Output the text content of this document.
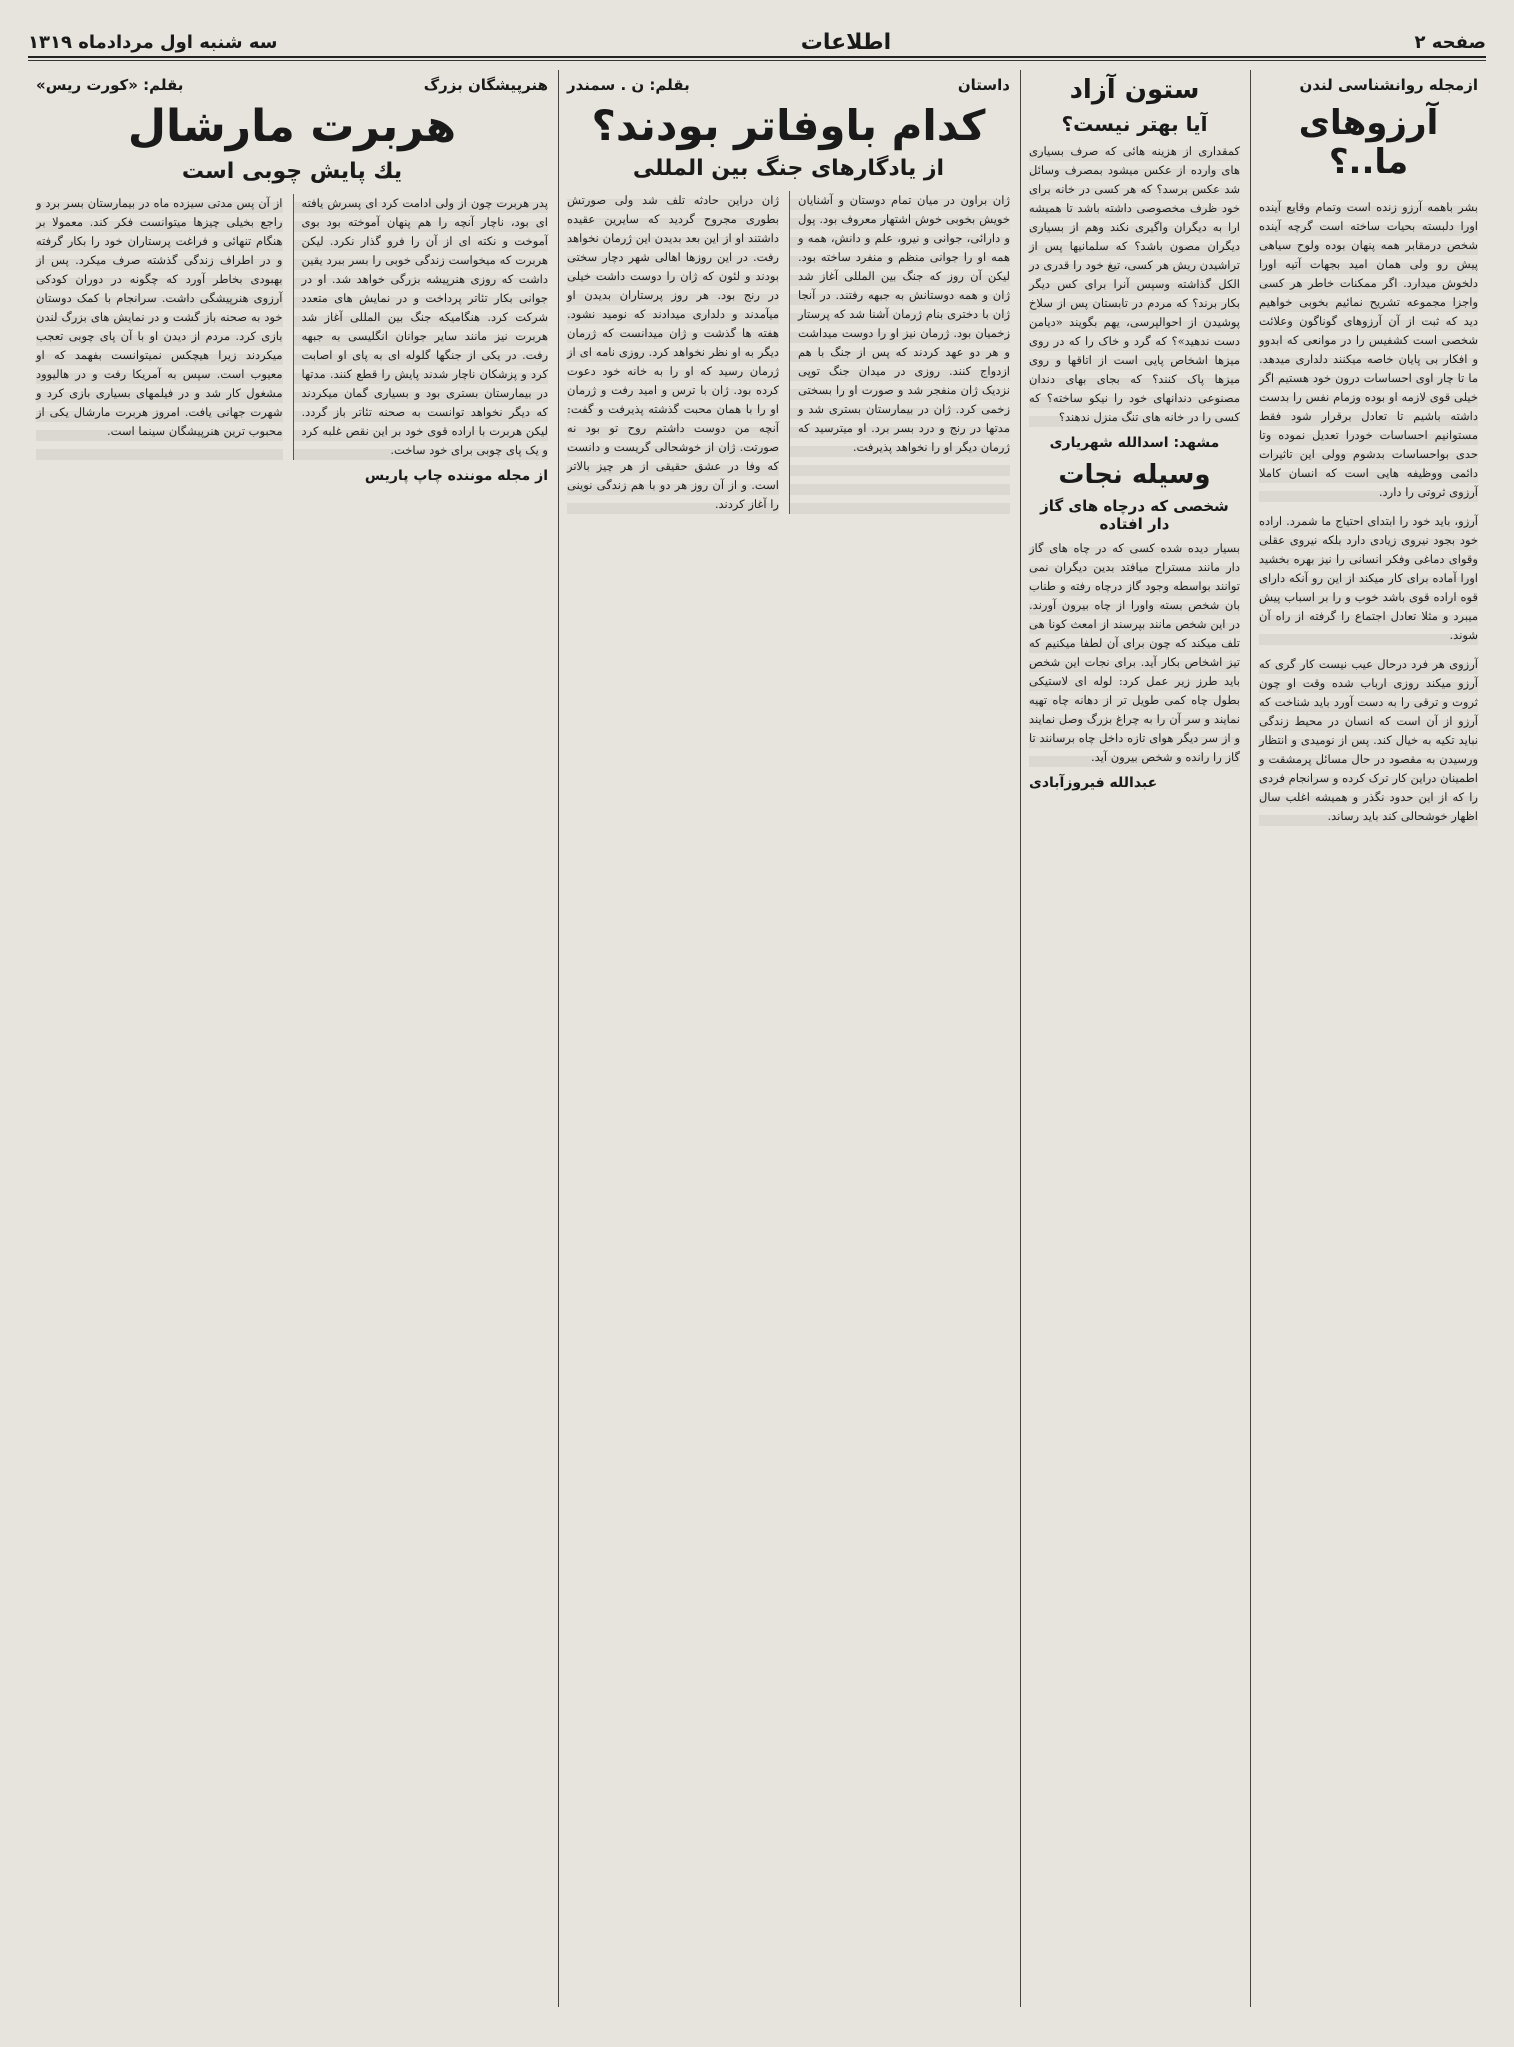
صفحه ۲
اطلاعات
سه شنبه اول مردادماه ۱۳۱۹
ازمجله روانشناسی لندن
آرزوهای ما..؟
بشر باهمه آرزو زنده است وتمام وقایع آینده اورا دلبسته بحیات ساخته است گرچه آینده شخص درمقابر همه پنهان بوده ولوح سیاهی پیش رو ولی همان امید بجهات آتیه اورا دلخوش میدارد. اگر ممکنات خاطر هر کسی واجزا مجموعه تشریح نمائیم بخوبی خواهیم دید که ثبت از آن آرزوهای گوناگون وعلائت شخصی است کشفیس را در موانعی که ابدوو و افکار بی پایان خاصه میکنند دلداری میدهد. ما تا چار اوی احساسات درون خود هستیم اگر خیلی قوی لازمه او بوده وزمام نفس را بدست داشته باشیم تا تعادل برقرار شود فقط مستوانیم احساسات خودرا تعدیل نموده وتا حدی بواحساسات بدشوم وولی این تاثیرات دائمی ووظیفه هایی است که انسان کاملا آرزوی ثروتی را دارد.
آرزو، باید خود را ابتدای احتیاج ما شمرد. اراده خود بجود نیروی زیادی دارد بلکه نیروی عقلی وقوای دماغی وفکر انسانی را نیز بهره بخشید اورا آماده برای کار میکند از این رو آنکه دارای قوه اراده قوی باشد خوب و را بر اسباب پیش میبرد و مثلا تعادل اجتماع را گرفته از راه آن شوند.
آرزوی هر فرد درحال عیب نیست کار گری که آرزو میکند روزی ارباب شده وقت او چون ثروت و ترقی را به دست آورد باید شناخت که آرزو از آن است که انسان در محیط زندگی نباید تکیه به خیال کند. پس از نومیدی و انتظار ورسیدن به مقصود در حال مسائل پرمشقت و اطمینان دراین کار ترک کرده و سرانجام فردی را که از این حدود نگذر و همیشه اغلب سال اظهار خوشحالی کند باید رساند.
ستون آزاد
آیا بهتر نیست؟
کمقداری از هزینه هائی که صرف بسیاری های وارده از عکس میشود بمصرف وسائل شد عکس برسد؟ که هر کسی در خانه برای خود ظرف مخصوصی داشته باشد تا همیشه ارا به دیگران واگیری نکند وهم از بسیاری دیگران مصون باشد؟ که سلمانیها پس از تراشیدن ریش هر کسی، تیغ خود را قدری در الکل گذاشته وسپس آنرا برای کس دیگر بکار برند؟ که مردم در تابستان پس از سلاخ پوشیدن از احوالپرسی، یهم بگویند «دیامن دست ندهید»؟ که گرد و خاک را که در روی میزها اشخاص پایی است از اتاقها و روی میزها پاک کنند؟ که بجای بهای دندان مصنوعی دندانهای خود را نیکو ساخته؟ که کسی را در خانه های تنگ منزل ندهند؟
مشهد: اسدالله شهریاری
وسیله نجات
شخصی که درچاه های گاز دار افتاده
بسیار دیده شده کسی که در چاه های گاز دار مانند مستراح میافتد بدین دیگران نمی توانند بواسطه وجود گاز درچاه رفته و طناب بان شخص بسته واورا از چاه بیرون آورند. در این شخص مانند بپرسند از امعث کونا هی تلف میکند که چون برای آن لطفا میکنیم که تیز اشخاص بکار آید. برای نجات این شخص باید طرز زیر عمل کرد: لوله ای لاستیکی بطول چاه کمی طویل تر از دهانه چاه تهیه نمایند و سر آن را به چراغ بزرگ وصل نمایند و از سر دیگر هوای تازه داخل چاه برسانند تا گاز را رانده و شخص بیرون آید.
عبدالله فیروزآبادی
داستان
بقلم: ن . سمندر
کدام باوفاتر بودند؟
از یادگارهای جنگ بین المللی
ژان براون در میان تمام دوستان و آشنایان خویش بخوبی خوش اشتهار معروف بود. پول و دارائی، جوانی و نیرو، علم و دانش، همه و همه او را جوانی منظم و منفرد ساخته بود. لیکن آن روز که جنگ بین المللی آغاز شد ژان و همه دوستانش به جبهه رفتند. در آنجا ژان با دختری بنام ژرمان آشنا شد که پرستار زخمیان بود. ژرمان نیز او را دوست میداشت و هر دو عهد کردند که پس از جنگ با هم ازدواج کنند. روزی در میدان جنگ توپی نزدیک ژان منفجر شد و صورت او را بسختی زخمی کرد. ژان در بیمارستان بستری شد و مدتها در رنج و درد بسر برد. او میترسید که ژرمان دیگر او را نخواهد پذیرفت.
ژان دراین حادثه تلف شد ولی صورتش بطوری مجروح گردید که سایرین عقیده داشتند او از این بعد بدیدن این ژرمان نخواهد رفت. در این روزها اهالی شهر دچار سختی بودند و لئون که ژان را دوست داشت خیلی در رنج بود. هر روز پرستاران بدیدن او میآمدند و دلداری میدادند که نومید نشود. هفته ها گذشت و ژان میدانست که ژرمان دیگر به او نظر نخواهد کرد. روزی نامه ای از ژرمان رسید که او را به خانه خود دعوت کرده بود. ژان با ترس و امید رفت و ژرمان او را با همان محبت گذشته پذیرفت و گفت: آنچه من دوست داشتم روح تو بود نه صورتت. ژان از خوشحالی گریست و دانست که وفا در عشق حقیقی از هر چیز بالاتر است. و از آن روز هر دو با هم زندگی نوینی را آغاز کردند.
هنرپیشگان بزرگ
بقلم: «کورت ریس»
هربرت مارشال
یك پایش چوبی است
پدر هربرت چون از ولی ادامت کرد ای پسرش یافته ای بود، ناچار آنچه را هم پنهان آموخته بود بوی آموخت و نکته ای از آن را فرو گذار نکرد. لیکن هربرت که میخواست زندگی خوبی را بسر ببرد یقین داشت که روزی هنرپیشه بزرگی خواهد شد. او در جوانی بکار تئاتر پرداخت و در نمایش های متعدد شرکت کرد. هنگامیکه جنگ بین المللی آغاز شد هربرت نیز مانند سایر جوانان انگلیسی به جبهه رفت. در یکی از جنگها گلوله ای به پای او اصابت کرد و پزشکان ناچار شدند پایش را قطع کنند. مدتها در بیمارستان بستری بود و بسیاری گمان میکردند که دیگر نخواهد توانست به صحنه تئاتر باز گردد. لیکن هربرت با اراده قوی خود بر این نقص غلبه کرد و یک پای چوبی برای خود ساخت.
از آن پس مدتی سیزده ماه در بیمارستان بسر برد و راجع بخیلی چیزها میتوانست فکر کند. معمولا بر هنگام تنهائی و فراغت پرستاران خود را بکار گرفته و در اطراف زندگی گذشته صرف میکرد. پس از بهبودی بخاطر آورد که چگونه در دوران کودکی آرزوی هنرپیشگی داشت. سرانجام با کمک دوستان خود به صحنه باز گشت و در نمایش های بزرگ لندن بازی کرد. مردم از دیدن او با آن پای چوبی تعجب میکردند زیرا هیچکس نمیتوانست بفهمد که او معیوب است. سپس به آمریکا رفت و در هالیوود مشغول کار شد و در فیلمهای بسیاری بازی کرد و شهرت جهانی یافت. امروز هربرت مارشال یکی از محبوب ترین هنرپیشگان سینما است.
از مجله موننده چاپ پاریس
